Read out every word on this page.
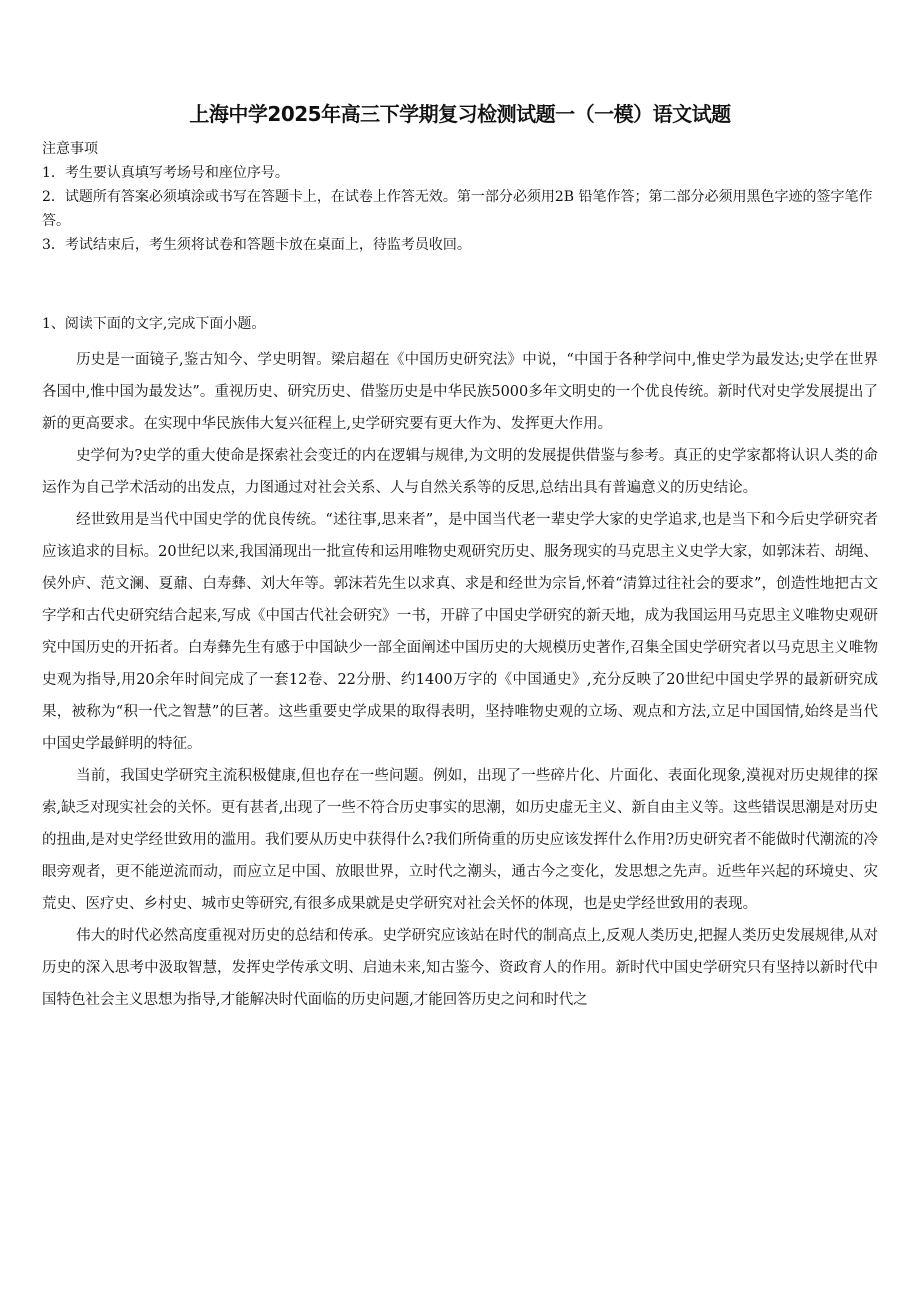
上海中学2025年高三下学期复习检测试题一（一模）语文试题
注意事项
1．考生要认真填写考场号和座位序号。
2．试题所有答案必须填涂或书写在答题卡上，在试卷上作答无效。第一部分必须用2B 铅笔作答；第二部分必须用黑色字迹的签字笔作答。
3．考试结束后，考生须将试卷和答题卡放在桌面上，待监考员收回。
1、阅读下面的文字,完成下面小题。

历史是一面镜子,鉴古知今、学史明智。梁启超在《中国历史研究法》中说，“中国于各种学问中,惟史学为最发达;史学在世界各国中,惟中国为最发达”。重视历史、研究历史、借鉴历史是中华民族5000多年文明史的一个优良传统。新时代对史学发展提出了新的更高要求。在实现中华民族伟大复兴征程上,史学研究要有更大作为、发挥更大作用。

史学何为?史学的重大使命是探索社会变迁的内在逻辑与规律,为文明的发展提供借鉴与参考。真正的史学家都将认识人类的命运作为自己学术活动的出发点，力图通过对社会关系、人与自然关系等的反思,总结出具有普遍意义的历史结论。

经世致用是当代中国史学的优良传统。“述往事,思来者”，是中国当代老一辈史学大家的史学追求,也是当下和今后史学研究者应该追求的目标。20世纪以来,我国涌现出一批宣传和运用唯物史观研究历史、服务现实的马克思主义史学大家，如郭沫若、胡绳、侯外庐、范文澜、夏鼐、白寿彝、刘大年等。郭沫若先生以求真、求是和经世为宗旨,怀着“清算过往社会的要求”，创造性地把古文字学和古代史研究结合起来,写成《中国古代社会研究》一书，开辟了中国史学研究的新天地，成为我国运用马克思主义唯物史观研究中国历史的开拓者。白寿彝先生有感于中国缺少一部全面阐述中国历史的大规模历史著作,召集全国史学研究者以马克思主义唯物史观为指导,用20余年时间完成了一套12卷、22分册、约1400万字的《中国通史》,充分反映了20世纪中国史学界的最新研究成果，被称为“积一代之智慧”的巨著。这些重要史学成果的取得表明，坚持唯物史观的立场、观点和方法,立足中国国情,始终是当代中国史学最鲜明的特征。

当前，我国史学研究主流积极健康,但也存在一些问题。例如，出现了一些碎片化、片面化、表面化现象,漠视对历史规律的探索,缺乏对现实社会的关怀。更有甚者,出现了一些不符合历史事实的思潮，如历史虚无主义、新自由主义等。这些错误思潮是对历史的扭曲,是对史学经世致用的滥用。我们要从历史中获得什么?我们所倚重的历史应该发挥什么作用?历史研究者不能做时代潮流的冷眼旁观者，更不能逆流而动，而应立足中国、放眼世界，立时代之潮头，通古今之变化，发思想之先声。近些年兴起的环境史、灾荒史、医疗史、乡村史、城市史等研究,有很多成果就是史学研究对社会关怀的体现，也是史学经世致用的表现。

伟大的时代必然高度重视对历史的总结和传承。史学研究应该站在时代的制高点上,反观人类历史,把握人类历史发展规律,从对历史的深入思考中汲取智慧，发挥史学传承文明、启迪未来,知古鉴今、资政育人的作用。新时代中国史学研究只有坚持以新时代中国特色社会主义思想为指导,才能解决时代面临的历史问题,才能回答历史之问和时代之
